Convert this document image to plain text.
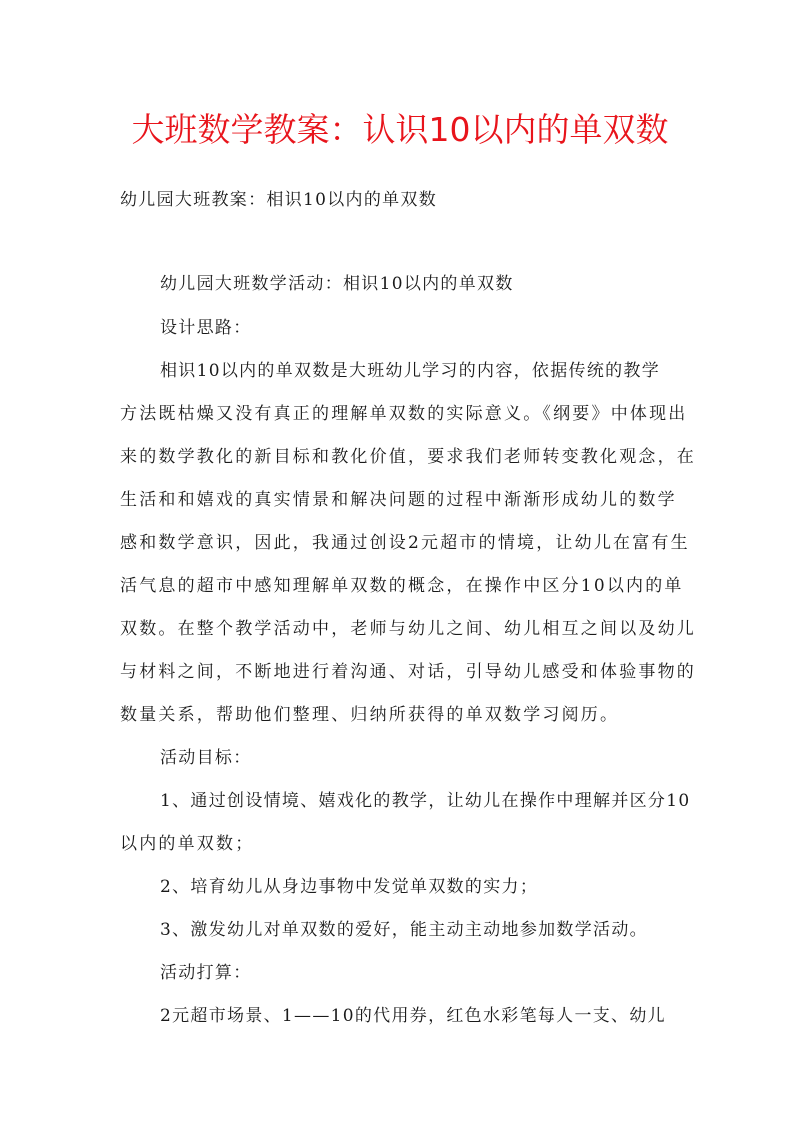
大班数学教案：认识10以内的单双数

幼儿园大班教案：相识10以内的单双数

幼儿园大班数学活动：相识10以内的单双数

设计思路：

相识10以内的单双数是大班幼儿学习的内容，依据传统的教学

方法既枯燥又没有真正的理解单双数的实际意义。《纲要》中体现出

来的数学教化的新目标和教化价值，要求我们老师转变教化观念，在

生活和和嬉戏的真实情景和解决问题的过程中渐渐形成幼儿的数学

感和数学意识，因此，我通过创设2元超市的情境，让幼儿在富有生

活气息的超市中感知理解单双数的概念，在操作中区分10以内的单

双数。在整个教学活动中，老师与幼儿之间、幼儿相互之间以及幼儿

与材料之间，不断地进行着沟通、对话，引导幼儿感受和体验事物的

数量关系，帮助他们整理、归纳所获得的单双数学习阅历。

活动目标：

1、通过创设情境、嬉戏化的教学，让幼儿在操作中理解并区分10

以内的单双数；

2、培育幼儿从身边事物中发觉单双数的实力；

3、激发幼儿对单双数的爱好，能主动主动地参加数学活动。

活动打算：

2元超市场景、1——10的代用券，红色水彩笔每人一支、幼儿
